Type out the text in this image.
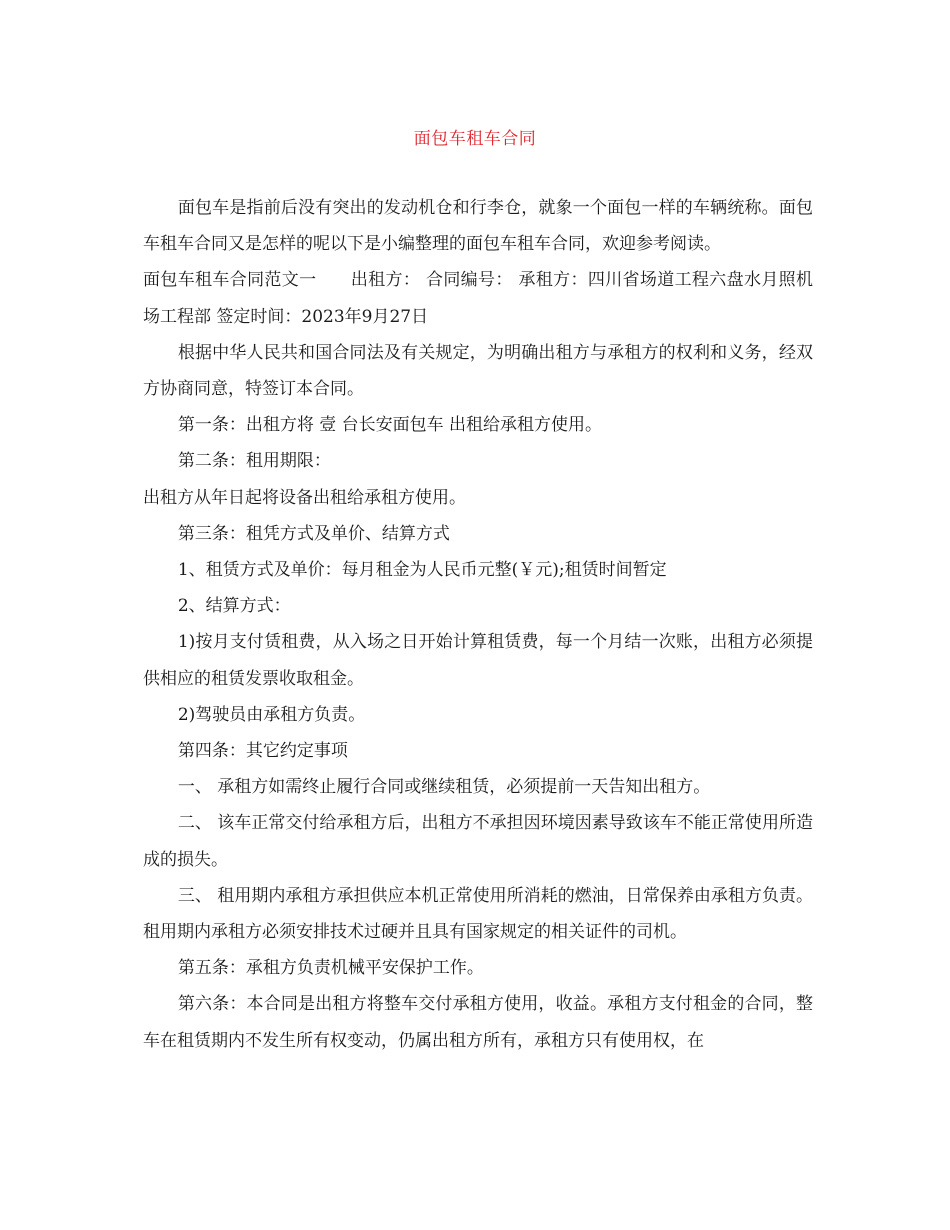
面包车租车合同

面包车是指前后没有突出的发动机仓和行李仓，就象一个面包一样的车辆统称。面包车租车合同又是怎样的呢以下是小编整理的面包车租车合同，欢迎参考阅读。

面包车租车合同范文一 出租方： 合同编号： 承租方：四川省场道工程六盘水月照机场工程部 签定时间：2023年9月27日

根据中华人民共和国合同法及有关规定，为明确出租方与承租方的权利和义务，经双方协商同意，特签订本合同。

第一条：出租方将 壹 台长安面包车 出租给承租方使用。

第二条：租用期限：

出租方从年日起将设备出租给承租方使用。

第三条：租凭方式及单价、结算方式

1、租赁方式及单价：每月租金为人民币元整(￥元);租赁时间暂定

2、结算方式：

1)按月支付赁租费，从入场之日开始计算租赁费，每一个月结一次账，出租方必须提供相应的租赁发票收取租金。

2)驾驶员由承租方负责。

第四条：其它约定事项

一、 承租方如需终止履行合同或继续租赁，必须提前一天告知出租方。

二、 该车正常交付给承租方后，出租方不承担因环境因素导致该车不能正常使用所造成的损失。

三、 租用期内承租方承担供应本机正常使用所消耗的燃油，日常保养由承租方负责。租用期内承租方必须安排技术过硬并且具有国家规定的相关证件的司机。

第五条：承租方负责机械平安保护工作。

第六条：本合同是出租方将整车交付承租方使用，收益。承租方支付租金的合同，整车在租赁期内不发生所有权变动，仍属出租方所有，承租方只有使用权，在
